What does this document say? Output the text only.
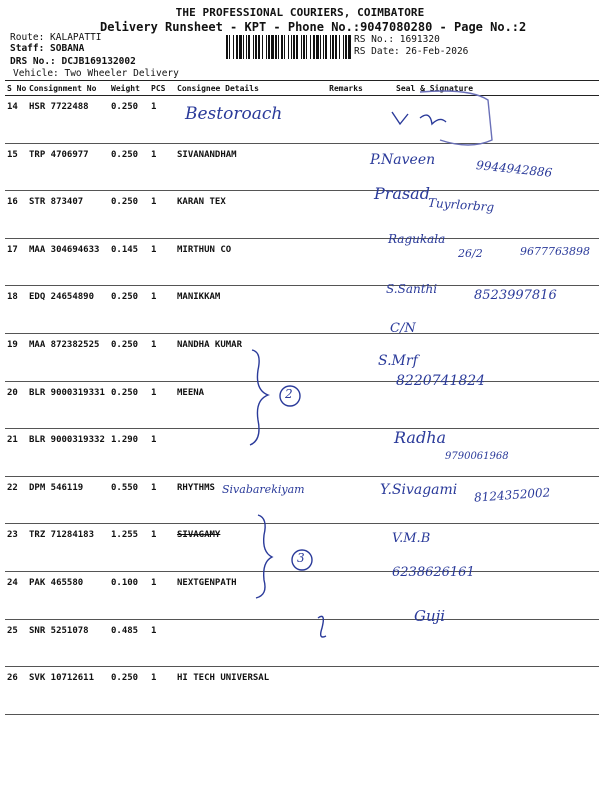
THE PROFESSIONAL COURIERS, COIMBATORE
Delivery Runsheet - KPT - Phone No.:9047080280 - Page No.:2
Route: KALAPATTI
Staff: SOBANA
DRS No.: DCJB169132002
Vehicle: Two Wheeler Delivery
RS No.: 1691320
RS Date: 26-Feb-2026
S No	Consignment No	Weight	PCS	Consignee Details	Remarks	Seal & Signature
14	HSR 7722488	0.250	1			
15	TRP 4706977	0.250	1	SIVANANDHAM		
16	STR 873407	0.250	1	KARAN TEX		
17	MAA 304694633	0.145	1	MIRTHUN CO		
18	EDQ 24654890	0.250	1	MANIKKAM		
19	MAA 872382525	0.250	1	NANDHA KUMAR		
20	BLR 9000319331	0.250	1	MEENA		
21	BLR 9000319332	1.290	1			
22	DPM 546119	0.550	1	RHYTHMS		
23	TRZ 71284183	1.255	1	SIVAGAMY		
24	PAK 465580	0.100	1	NEXTGENPATH		
25	SNR 5251078	0.485	1			
26	SVK 10712611	0.250	1	HI TECH UNIVERSAL		
Bestoroach
Sivabarekiyam
2
3
P.Naveen	9944942886
Prasad
Tuyrlorbrg
Ragukala
26/2	9677763898
S.Santhi	8523997816
C/N
S.Mrf
8220741824
Radha
9790061968
Y.Sivagami 8124352002
V.M.B
6238626161
Guji
